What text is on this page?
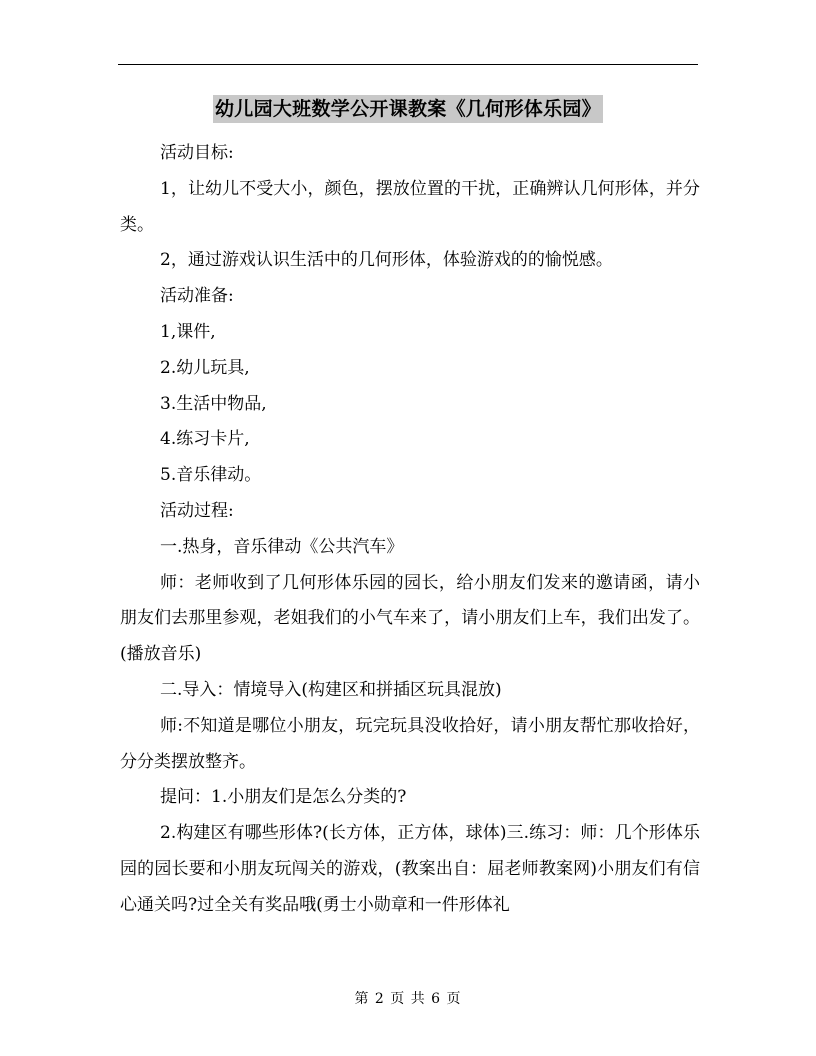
幼儿园大班数学公开课教案《几何形体乐园》

活动目标:

1，让幼儿不受大小，颜色，摆放位置的干扰，正确辨认几何形体，并分类。

2，通过游戏认识生活中的几何形体，体验游戏的的愉悦感。

活动准备:

1,课件,

2.幼儿玩具,

3.生活中物品,

4.练习卡片,

5.音乐律动。

活动过程:

一.热身，音乐律动《公共汽车》

师：老师收到了几何形体乐园的园长，给小朋友们发来的邀请函，请小朋友们去那里参观，老姐我们的小气车来了，请小朋友们上车，我们出发了。(播放音乐)

二.导入：情境导入(构建区和拼插区玩具混放)

师:不知道是哪位小朋友，玩完玩具没收拾好，请小朋友帮忙那收拾好，分分类摆放整齐。

提问：1.小朋友们是怎么分类的?

2.构建区有哪些形体?(长方体，正方体，球体)三.练习：师：几个形体乐园的园长要和小朋友玩闯关的游戏，(教案出自：屈老师教案网)小朋友们有信心通关吗?过全关有奖品哦(勇士小勋章和一件形体礼

第 2 页 共 6 页
